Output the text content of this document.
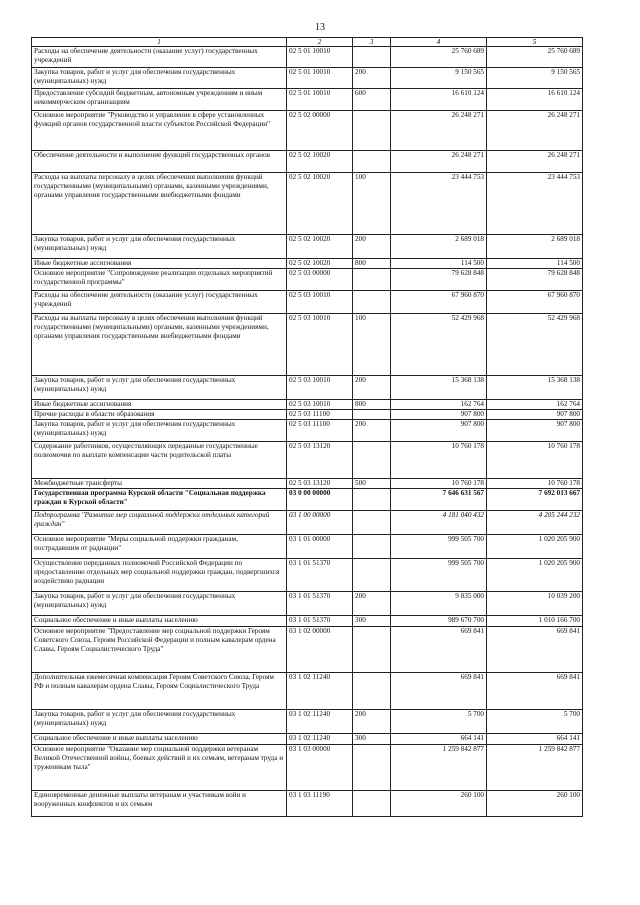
13
1	2	3	4	5
Расходы на обеспечение деятельности (оказание услуг) государственных учреждений	02 5 01 10010		25 760 689	25 760 689
Закупка товаров, работ и услуг для обеспечения государственных (муниципальных) нужд	02 5 01 10010	200	9 150 565	9 150 565
Предоставление субсидий бюджетным, автономным учреждениям и иным некоммерческим организациям	02 5 01 10010	600	16 610 124	16 610 124
Основное мероприятие "Руководство и управление в сфере установленных функций органов государственной власти субъектов Российской Федерации"	02 5 02 00000		26 248 271	26 248 271
Обеспечение деятельности и выполнение функций государственных органов	02 5 02 10020		26 248 271	26 248 271
Расходы на выплаты персоналу в целях обеспечения выполнения функций государственными (муниципальными) органами, казенными учреждениями, органами управления государственными внебюджетными фондами	02 5 02 10020	100	23 444 753	23 444 753
Закупка товаров, работ и услуг для обеспечения государственных (муниципальных) нужд	02 5 02 10020	200	2 689 018	2 689 018
Иные бюджетные ассигнования	02 5 02 10020	800	114 500	114 500
Основное мероприятие "Сопровождение реализации отдельных мероприятий государственной программы"	02 5 03 00000		79 628 848	79 628 848
Расходы на обеспечение деятельности (оказание услуг) государственных учреждений	02 5 03 10010		67 960 870	67 960 870
Расходы на выплаты персоналу в целях обеспечения выполнения функций государственными (муниципальными) органами, казенными учреждениями, органами управления государственными внебюджетными фондами	02 5 03 10010	100	52 429 968	52 429 968
Закупка товаров, работ и услуг для обеспечения государственных (муниципальных) нужд	02 5 03 10010	200	15 368 138	15 368 138
Иные бюджетные ассигнования	02 5 03 10010	800	162 764	162 764
Прочие расходы в области образования	02 5 03 11100		907 800	907 800
Закупка товаров, работ и услуг для обеспечения государственных (муниципальных) нужд	02 5 03 11100	200	907 800	907 800
Содержание работников, осуществляющих переданные государственные полномочия по выплате компенсации части родительской платы	02 5 03 13120		10 760 178	10 760 178
Межбюджетные трансферты	02 5 03 13120	500	10 760 178	10 760 178
Государственная программа Курской области "Социальная поддержка граждан в Курской области"	03 0 00 00000		7 646 631 567	7 692 013 667
Подпрограмма "Развитие мер социальной поддержки отдельных категорий граждан"	03 1 00 00000		4 181 040 432	4 205 244 232
Основное мероприятие "Меры социальной поддержки гражданам, пострадавшим от радиации"	03 1 01 00000		999 505 700	1 020 205 900
Осуществление переданных полномочий Российской Федерации по предоставлению отдельных мер социальной поддержки граждан, подвергшихся воздействию радиации	03 1 01 51370		999 505 700	1 020 205 900
Закупка товаров, работ и услуг для обеспечения государственных (муниципальных) нужд	03 1 01 51370	200	9 835 000	10 039 200
Социальное обеспечение и иные выплаты населению	03 1 01 51370	300	989 670 700	1 010 166 700
Основное мероприятие "Предоставление мер социальной поддержки Героям Советского Союза, Героям Российской Федерации и полным кавалерам ордена Славы, Героям Социалистического Труда"	03 1 02 00000		669 841	669 841
Дополнительная ежемесячная компенсация Героям Советского Союза, Героям РФ и полным кавалерам ордена Славы, Героям Социалистического Труда	03 1 02 11240		669 841	669 841
Закупка товаров, работ и услуг для обеспечения государственных (муниципальных) нужд	03 1 02 11240	200	5 700	5 700
Социальное обеспечение и иные выплаты населению	03 1 02 11240	300	664 141	664 141
Основное мероприятие "Оказание мер социальной поддержки ветеранам Великой Отечественной войны, боевых действий и их семьям, ветеранам труда и труженикам тыла"	03 1 03 00000		1 259 842 877	1 259 842 877
Единовременные денежные выплаты ветеранам и участникам войн и вооруженных конфликтов и их семьям	03 1 03 11190		260 100	260 100
